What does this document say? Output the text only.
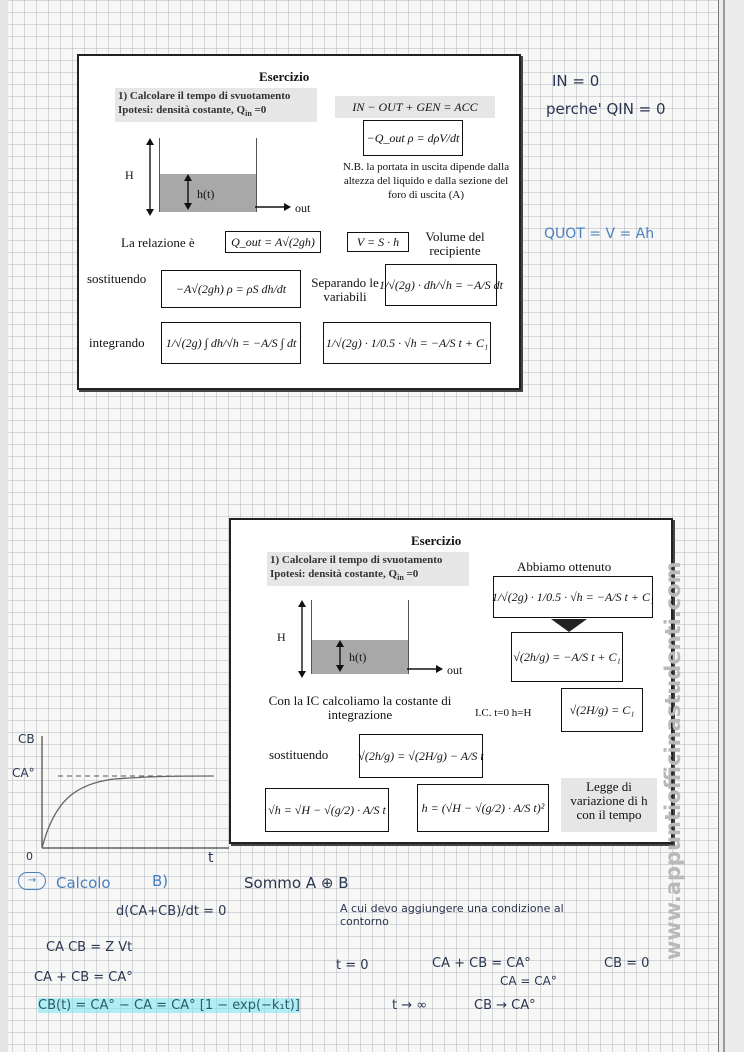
Esercizio
1) Calcolare il tempo di svuotamento
Ipotesi: densità costante, $Q_{in} =0$	IN − OUT + GEN = ACC
−Q_out ρ = dρV/dt
N.B. la portata in uscita dipende dalla altezza del liquido e dalla sezione del foro di uscita (A)
H
h(t)
out
La relazione è	Q_out = A√(2gh)	V = S · h	Volume del recipiente
sostituendo
−A√(2gh) ρ = ρS dh/dt	Separando le variabili
1/√(2g) · dh/√h = −A/S dt
integrando	1/√(2g) ∫ dh/√h = −A/S ∫ dt	1/√(2g) · 1/0.5 · √h = −A/S t + C₁
Esercizio
1) Calcolare il tempo di svuotamento
Ipotesi: densità costante, $Q_{in} =0$	Abbiamo ottenuto
1/√(2g) · 1/0.5 · √h = −A/S t + C₁
√(2h/g) = −A/S t + C₁
H
h(t)
out
Con la IC calcoliamo la costante di integrazione	I.C. t=0 h=H	√(2H/g) = C₁
sostituendo	√(2h/g) = √(2H/g) − A/S t
√h = √H − √(g/2) · A/S t	h = (√H − √(g/2) · A/S t)²
Legge di variazione di h con il tempo
IN = 0
perche' QIN = 0
QUOT = V = Ah
CB
CA°
0	t
→	Calcolo	B)	Sommo A ⊕ B
d(CA+CB)/dt = 0	A cui devo aggiungere una condizione al contorno
CA CB = Z Vt
CA + CB = CA°
t = 0	CA + CB = CA°
CA = CA°
CB = 0
CB(t) = CA° − CA = CA° [1 − exp(−k₁t)]	t → ∞	CB → CA°
www.appuntiofficinastudenti.com
